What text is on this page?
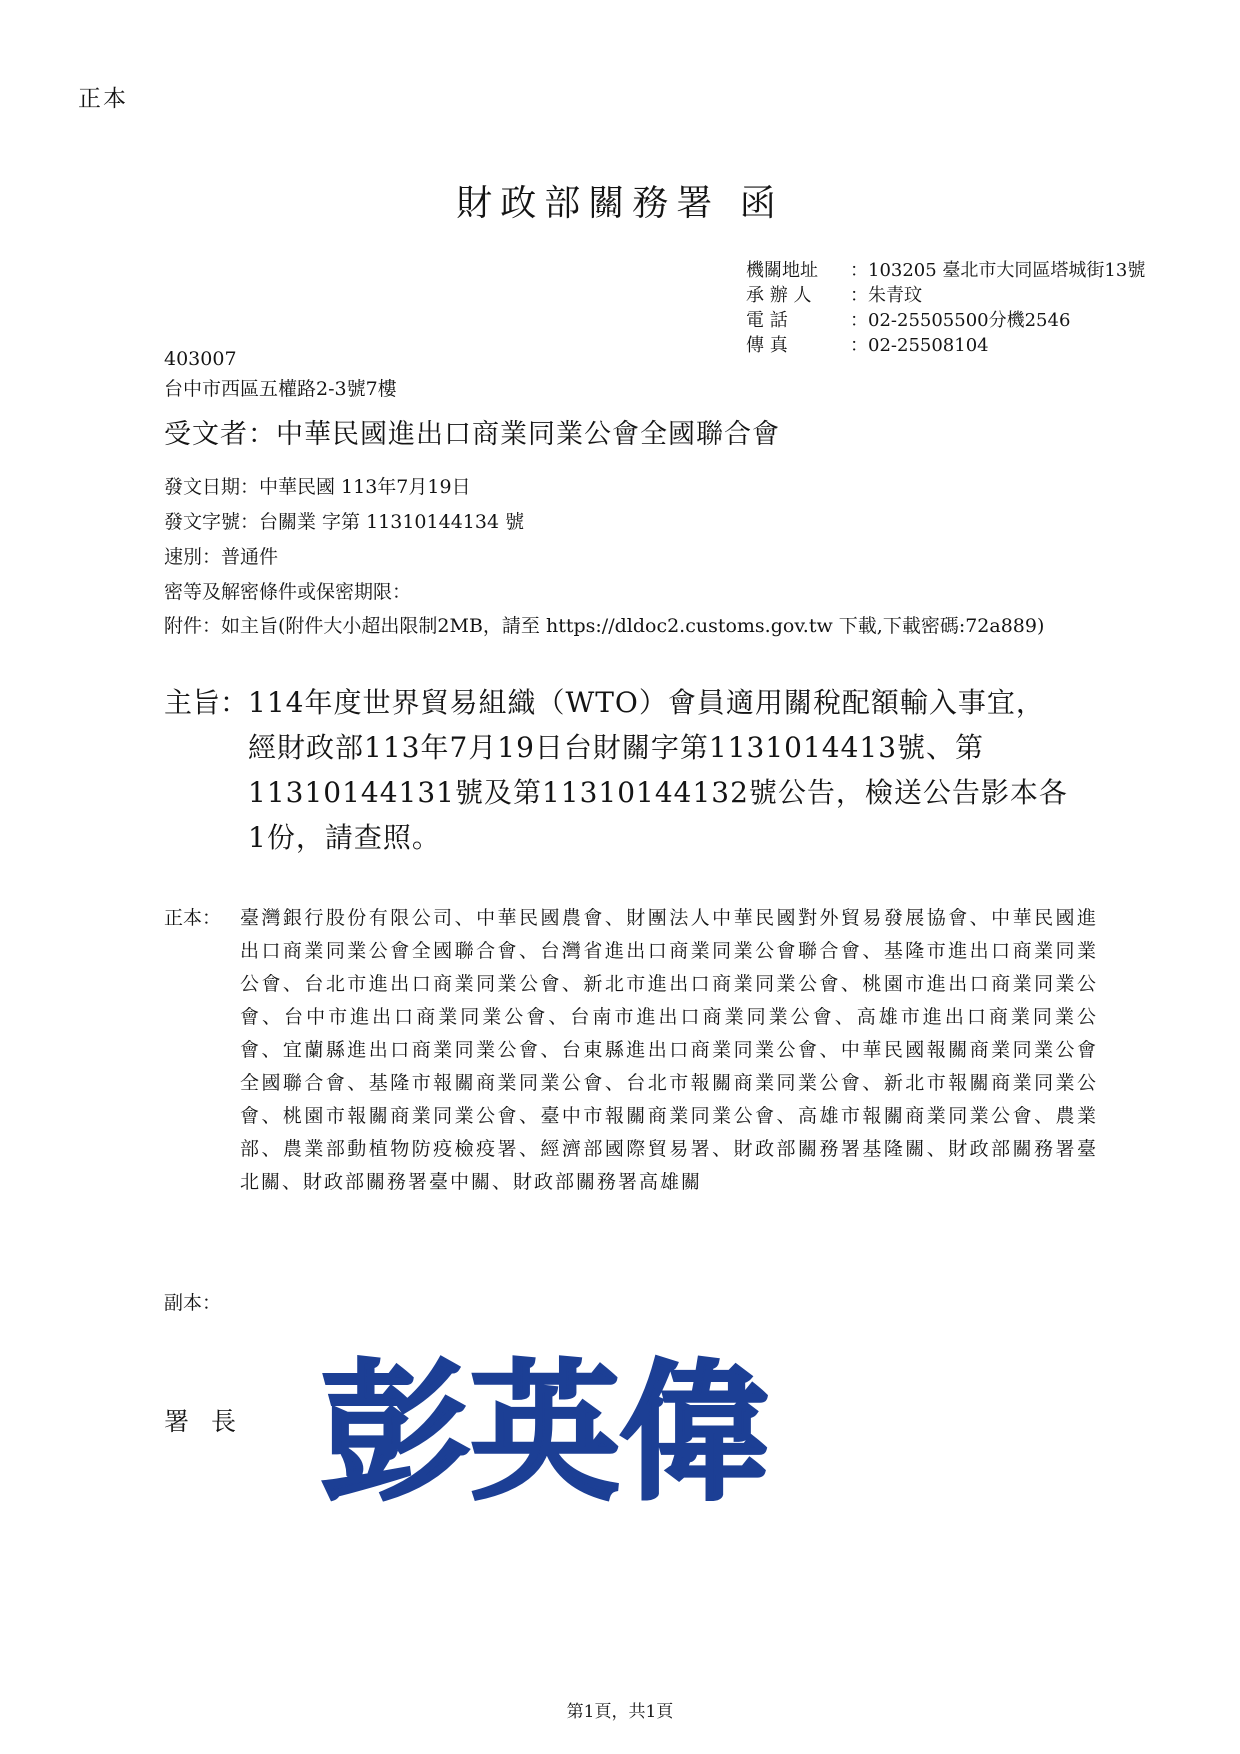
正本
財政部關務署 函
機關地址	： 103205 臺北市大同區塔城街13號
承 辦 人	： 朱青玟
電 話	： 02-25505500分機2546
傳 真	： 02-25508104
403007
台中市西區五權路2-3號7樓
受文者：中華民國進出口商業同業公會全國聯合會
發文日期：中華民國 113年7月19日
發文字號：台關業 字第 11310144134 號
速別：普通件
密等及解密條件或保密期限：
附件： 如主旨(附件大小超出限制2MB，請至 https://dldoc2.customs.gov.tw 下載,下載密碼:72a889)
主旨： 114年度世界貿易組織（WTO）會員適用關稅配額輸入事宜，經財政部113年7月19日台財關字第1131014413號、第11310144131號及第11310144132號公告，檢送公告影本各1份，請查照。
正本： 臺灣銀行股份有限公司、中華民國農會、財團法人中華民國對外貿易發展協會、中華民國進出口商業同業公會全國聯合會、台灣省進出口商業同業公會聯合會、基隆市進出口商業同業公會、台北市進出口商業同業公會、新北市進出口商業同業公會、桃園市進出口商業同業公會、台中市進出口商業同業公會、台南市進出口商業同業公會、高雄市進出口商業同業公會、宜蘭縣進出口商業同業公會、台東縣進出口商業同業公會、中華民國報關商業同業公會全國聯合會、基隆市報關商業同業公會、台北市報關商業同業公會、新北市報關商業同業公會、桃園市報關商業同業公會、臺中市報關商業同業公會、高雄市報關商業同業公會、農業部、農業部動植物防疫檢疫署、經濟部國際貿易署、財政部關務署基隆關、財政部關務署臺北關、財政部關務署臺中關、財政部關務署高雄關
副本：
署長 彭英偉
第1頁，共1頁
